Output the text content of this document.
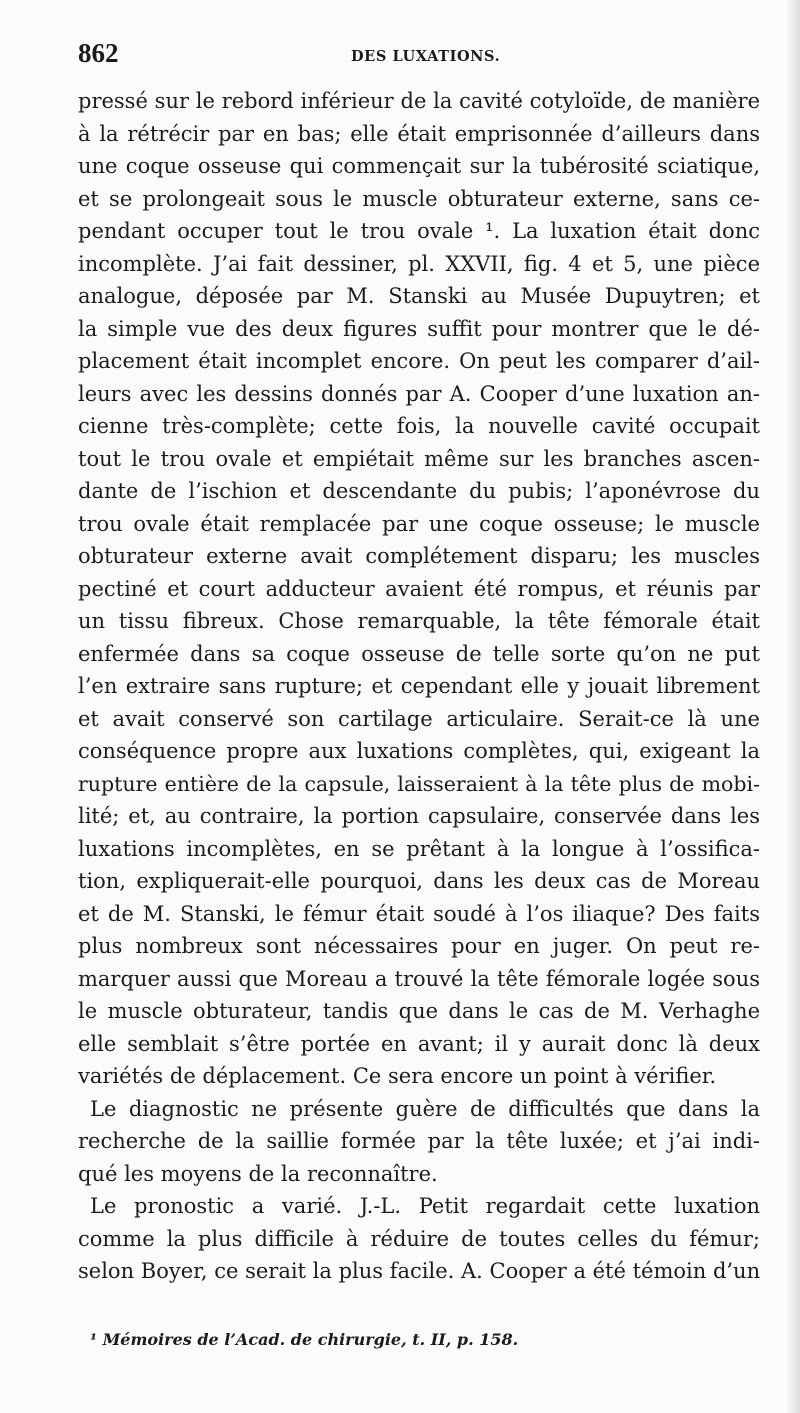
862	DES LUXATIONS.
pressé sur le rebord inférieur de la cavité cotyloïde, de manière
à la rétrécir par en bas; elle était emprisonnée d’ailleurs dans
une coque osseuse qui commençait sur la tubérosité sciatique,
et se prolongeait sous le muscle obturateur externe, sans ce-
pendant occuper tout le trou ovale ¹. La luxation était donc
incomplète. J’ai fait dessiner, pl. XXVII, fig. 4 et 5, une pièce
analogue, déposée par M. Stanski au Musée Dupuytren; et
la simple vue des deux figures suffit pour montrer que le dé-
placement était incomplet encore. On peut les comparer d’ail-
leurs avec les dessins donnés par A. Cooper d’une luxation an-
cienne très-complète; cette fois, la nouvelle cavité occupait
tout le trou ovale et empiétait même sur les branches ascen-
dante de l’ischion et descendante du pubis; l’aponévrose du
trou ovale était remplacée par une coque osseuse; le muscle
obturateur externe avait complétement disparu; les muscles
pectiné et court adducteur avaient été rompus, et réunis par
un tissu fibreux. Chose remarquable, la tête fémorale était
enfermée dans sa coque osseuse de telle sorte qu’on ne put
l’en extraire sans rupture; et cependant elle y jouait librement
et avait conservé son cartilage articulaire. Serait-ce là une
conséquence propre aux luxations complètes, qui, exigeant la
rupture entière de la capsule, laisseraient à la tête plus de mobi-
lité; et, au contraire, la portion capsulaire, conservée dans les
luxations incomplètes, en se prêtant à la longue à l’ossifica-
tion, expliquerait-elle pourquoi, dans les deux cas de Moreau
et de M. Stanski, le fémur était soudé à l’os iliaque? Des faits
plus nombreux sont nécessaires pour en juger. On peut re-
marquer aussi que Moreau a trouvé la tête fémorale logée sous
le muscle obturateur, tandis que dans le cas de M. Verhaghe
elle semblait s’être portée en avant; il y aurait donc là deux
variétés de déplacement. Ce sera encore un point à vérifier.
Le diagnostic ne présente guère de difficultés que dans la
recherche de la saillie formée par la tête luxée; et j’ai indi-
qué les moyens de la reconnaître.
Le pronostic a varié. J.-L. Petit regardait cette luxation
comme la plus difficile à réduire de toutes celles du fémur;
selon Boyer, ce serait la plus facile. A. Cooper a été témoin d’un
¹ Mémoires de l’Acad. de chirurgie, t. II, p. 158.
